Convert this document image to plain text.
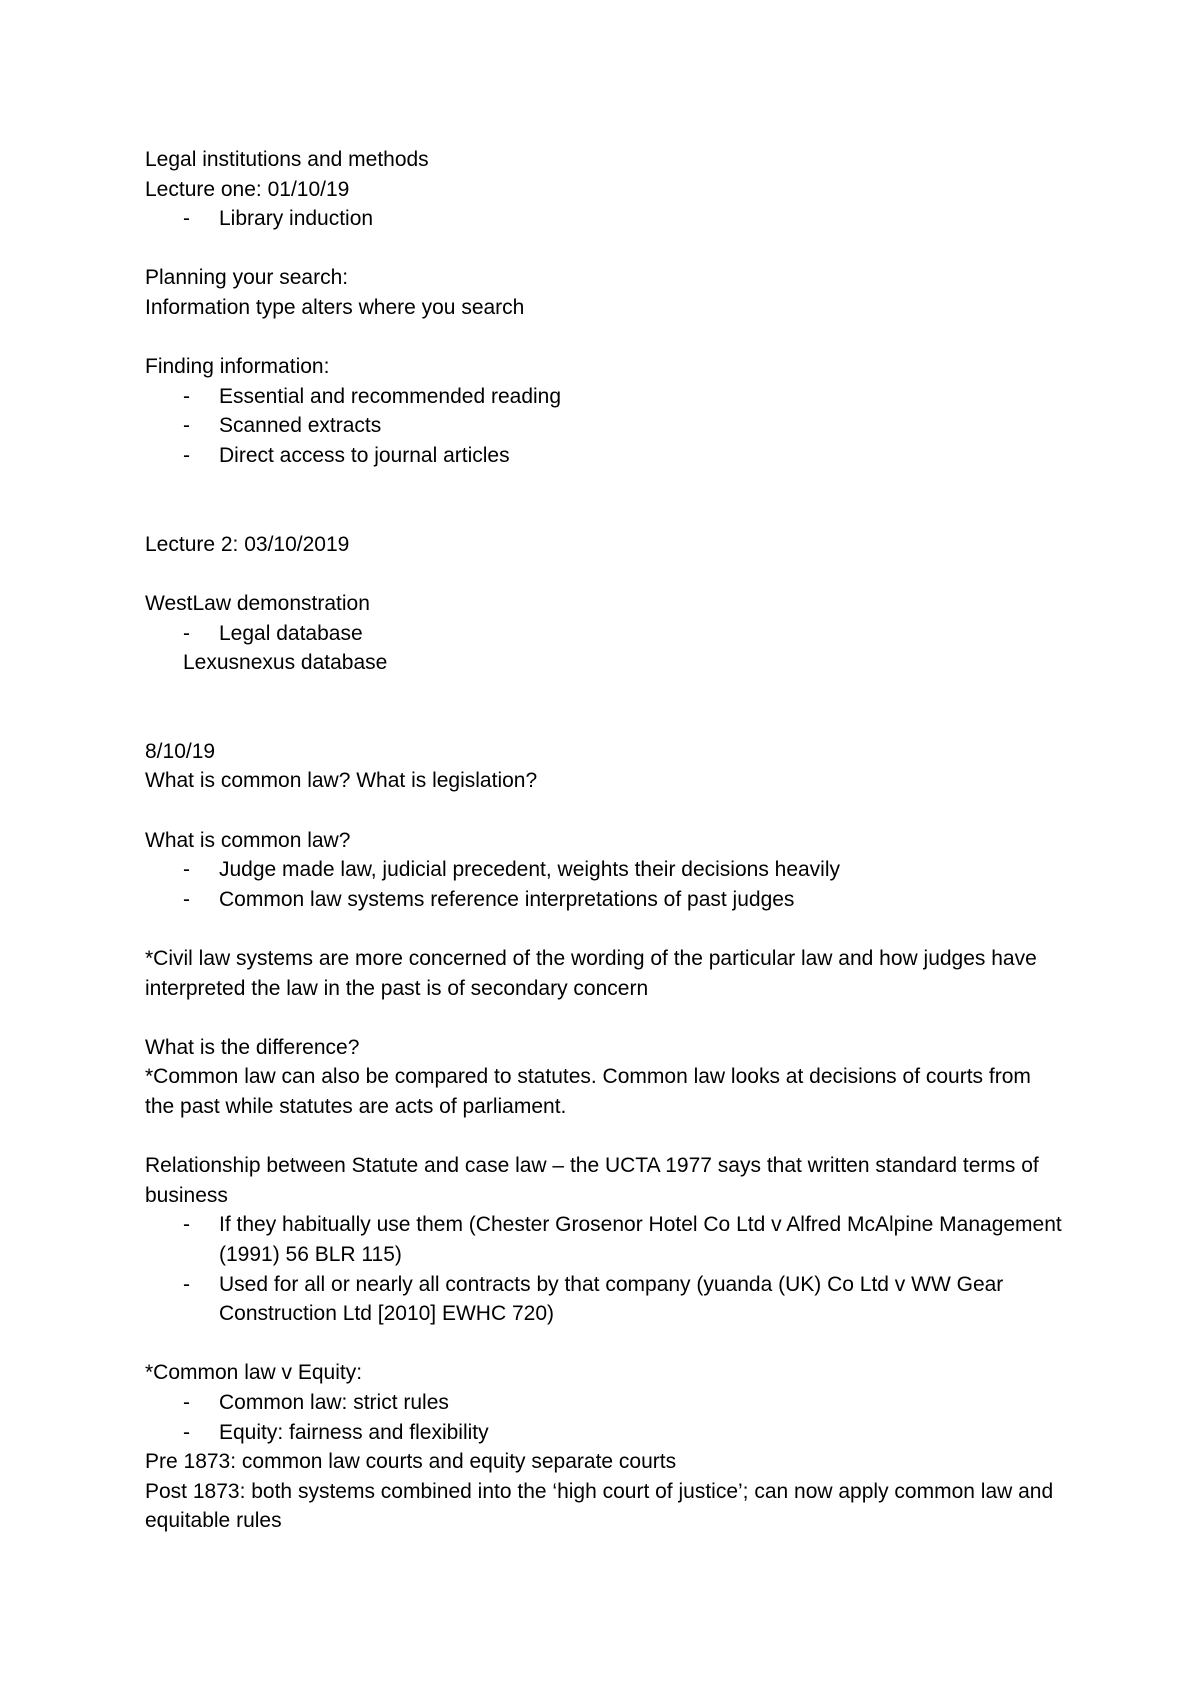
Legal institutions and methods

Lecture one: 01/10/19

- Library induction

Planning your search:

Information type alters where you search

Finding information:

- Essential and recommended reading
- Scanned extracts
- Direct access to journal articles

Lecture 2: 03/10/2019

WestLaw demonstration

- Legal database

Lexusnexus database

8/10/19

What is common law? What is legislation?

What is common law?

- Judge made law, judicial precedent, weights their decisions heavily
- Common law systems reference interpretations of past judges

*Civil law systems are more concerned of the wording of the particular law and how judges have interpreted the law in the past is of secondary concern

What is the difference?

*Common law can also be compared to statutes. Common law looks at decisions of courts from the past while statutes are acts of parliament.

Relationship between Statute and case law – the UCTA 1977 says that written standard terms of business

- If they habitually use them (Chester Grosenor Hotel Co Ltd v Alfred McAlpine Management (1991) 56 BLR 115)
- Used for all or nearly all contracts by that company (yuanda (UK) Co Ltd v WW Gear Construction Ltd [2010] EWHC 720)

*Common law v Equity:

- Common law: strict rules
- Equity: fairness and flexibility

Pre 1873: common law courts and equity separate courts

Post 1873: both systems combined into the ‘high court of justice’; can now apply common law and equitable rules
